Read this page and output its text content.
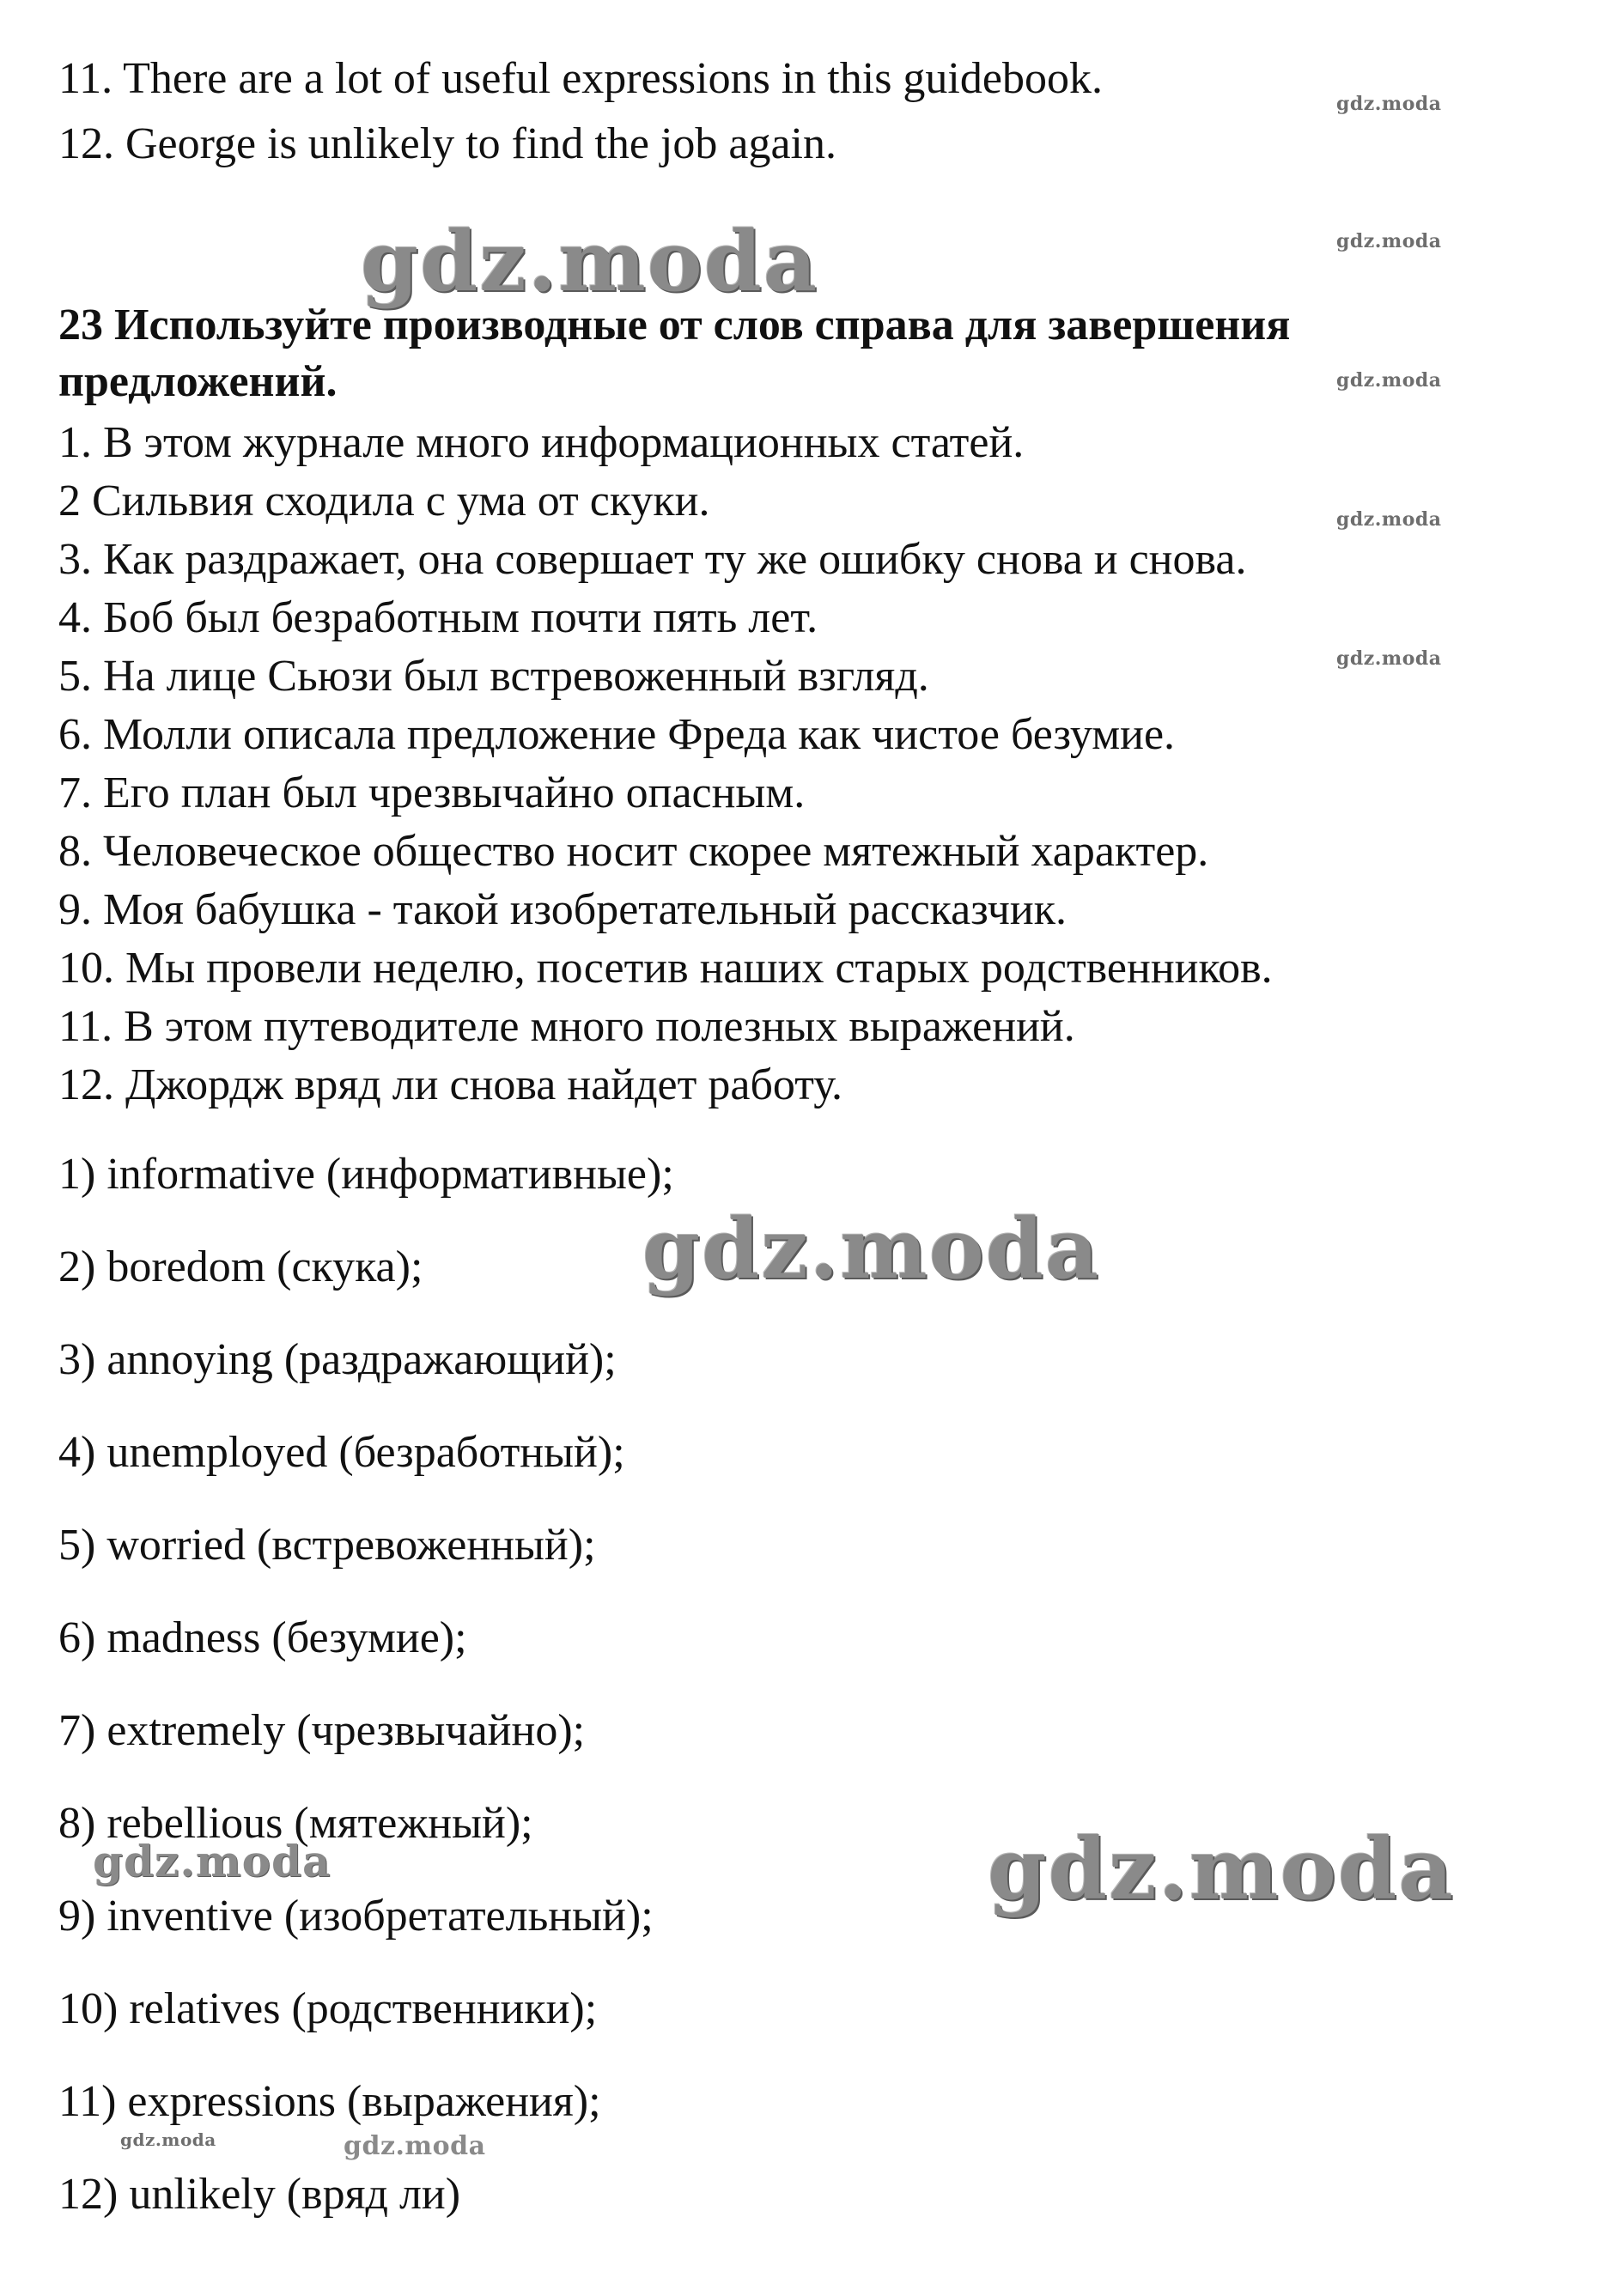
11. There are a lot of useful expressions in this guidebook.
12. George is unlikely to find the job again.
23 Используйте производные от слов справа для завершения предложений.
1. В этом журнале много информационных статей.
2 Сильвия сходила с ума от скуки.
3. Как раздражает, она совершает ту же ошибку снова и снова.
4. Боб был безработным почти пять лет.
5. На лице Сьюзи был встревоженный взгляд.
6. Молли описала предложение Фреда как чистое безумие.
7. Его план был чрезвычайно опасным.
8. Человеческое общество носит скорее мятежный характер.
9. Моя бабушка - такой изобретательный рассказчик.
10. Мы провели неделю, посетив наших старых родственников.
11. В этом путеводителе много полезных выражений.
12. Джордж вряд ли снова найдет работу.
1) informative (информативные);
2) boredom (скука);
3) annoying (раздражающий);
4) unemployed (безработный);
5) worried (встревоженный);
6) madness (безумие);
7) extremely (чрезвычайно);
8) rebellious (мятежный);
9) inventive (изобретательный);
10) relatives (родственники);
11) expressions (выражения);
12) unlikely (вряд ли)
gdz.moda
gdz.moda
gdz.moda
gdz.moda
gdz.moda
gdz.moda
gdz.moda
gdz.moda
gdz.moda
gdz.moda	gdz.moda
